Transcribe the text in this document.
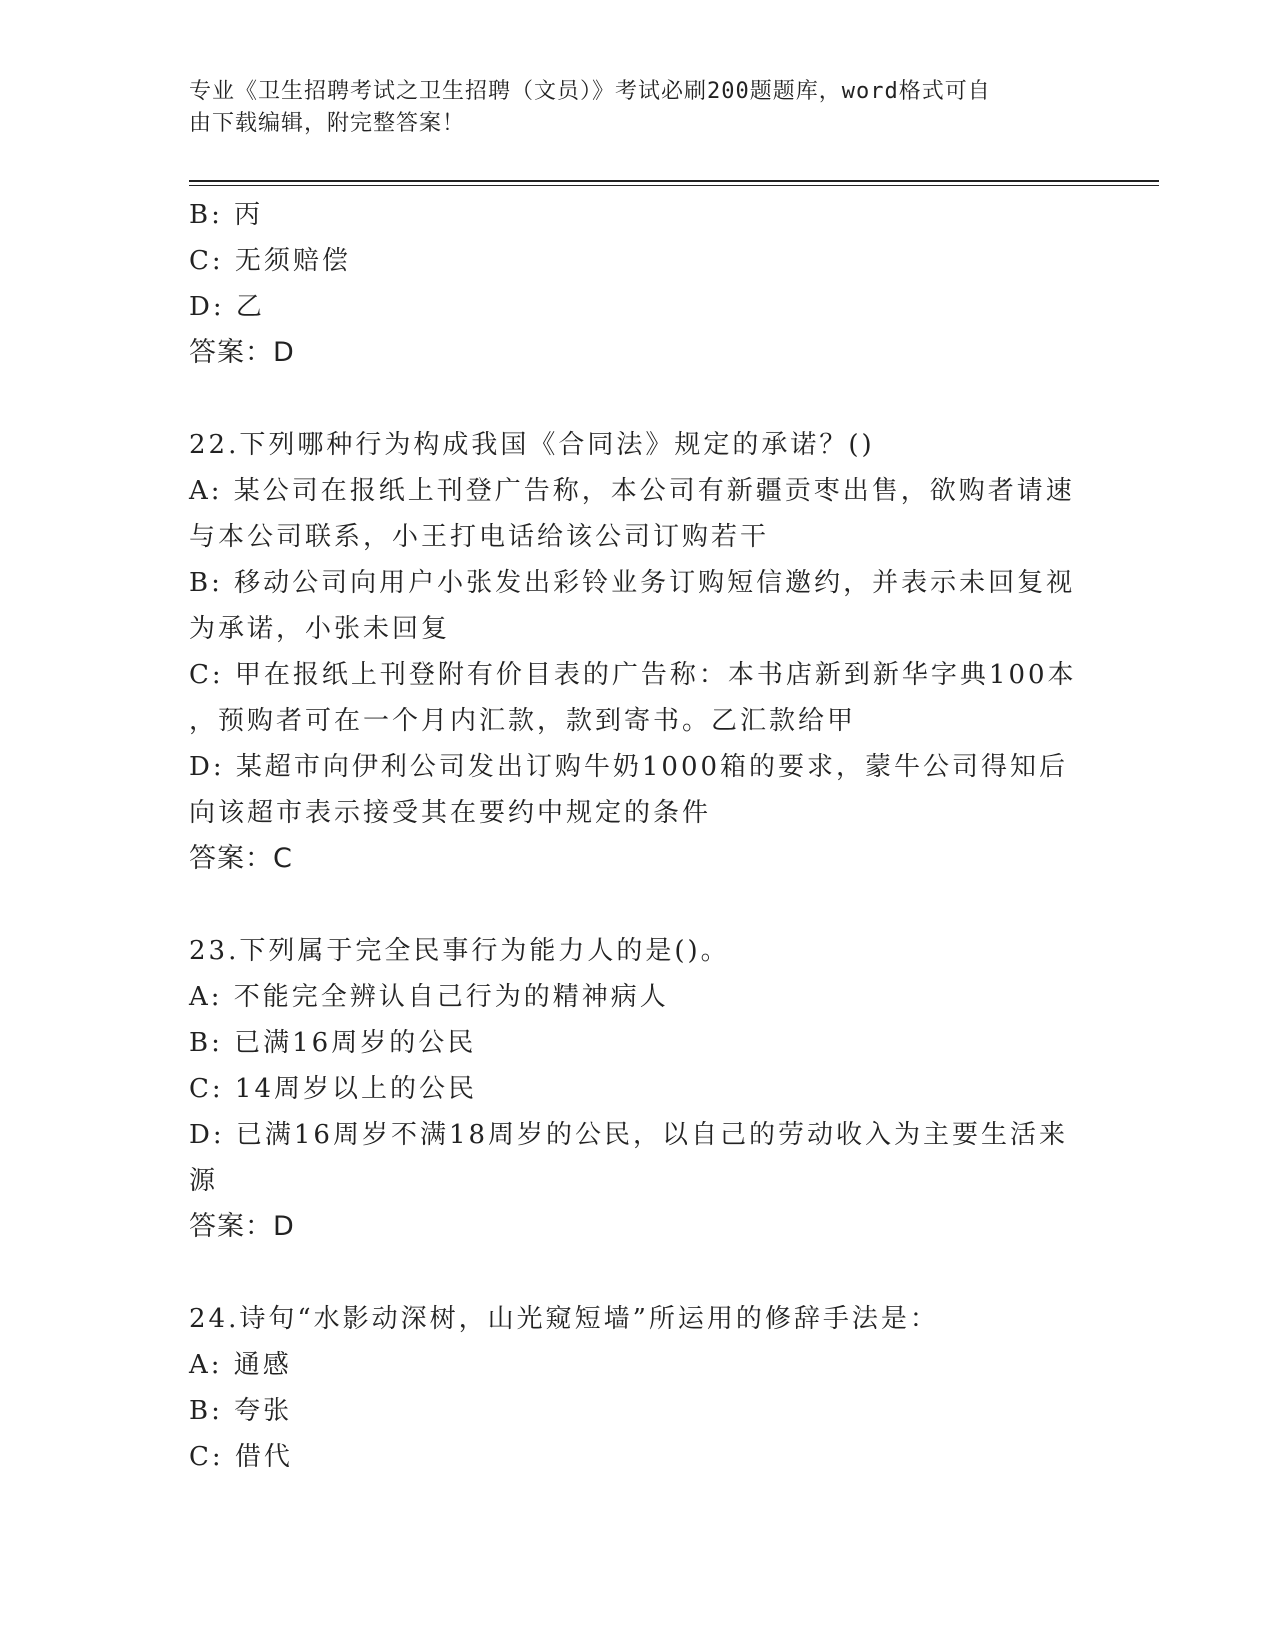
专业《卫生招聘考试之卫生招聘（文员）》考试必刷200题题库，word格式可自
由下载编辑，附完整答案！
B: 丙
C: 无须赔偿
D: 乙
答案：D
22.下列哪种行为构成我国《合同法》规定的承诺？()
A: 某公司在报纸上刊登广告称，本公司有新疆贡枣出售，欲购者请速
与本公司联系，小王打电话给该公司订购若干
B: 移动公司向用户小张发出彩铃业务订购短信邀约，并表示未回复视
为承诺，小张未回复
C: 甲在报纸上刊登附有价目表的广告称：本书店新到新华字典100本
，预购者可在一个月内汇款，款到寄书。乙汇款给甲
D: 某超市向伊利公司发出订购牛奶1000箱的要求，蒙牛公司得知后
向该超市表示接受其在要约中规定的条件
答案：C
23.下列属于完全民事行为能力人的是()。
A: 不能完全辨认自己行为的精神病人
B: 已满16周岁的公民
C: 14周岁以上的公民
D: 已满16周岁不满18周岁的公民，以自己的劳动收入为主要生活来
源
答案：D
24.诗句“水影动深树，山光窥短墙”所运用的修辞手法是：
A: 通感
B: 夸张
C: 借代
